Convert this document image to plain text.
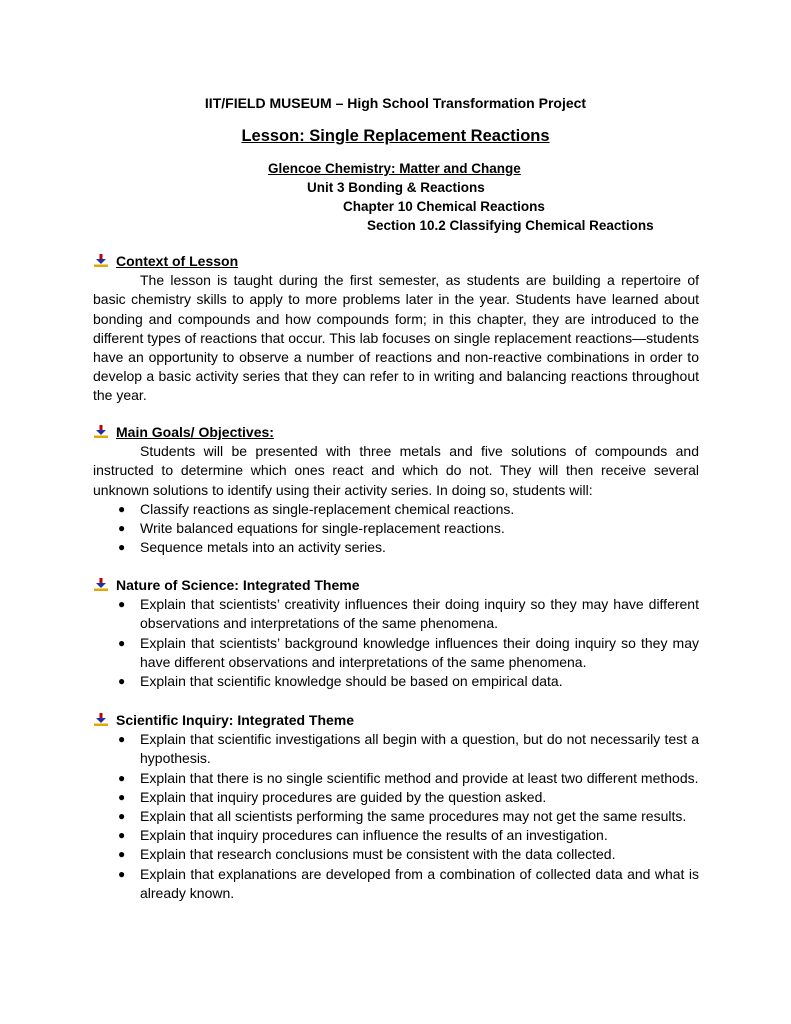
IIT/FIELD MUSEUM – High School Transformation Project
Lesson: Single Replacement Reactions
Glencoe Chemistry: Matter and Change
Unit 3 Bonding & Reactions
Chapter 10 Chemical Reactions
Section 10.2 Classifying Chemical Reactions
Context of Lesson

The lesson is taught during the first semester, as students are building a repertoire of basic chemistry skills to apply to more problems later in the year. Students have learned about bonding and compounds and how compounds form; in this chapter, they are introduced to the different types of reactions that occur. This lab focuses on single replacement reactions—students have an opportunity to observe a number of reactions and non-reactive combinations in order to develop a basic activity series that they can refer to in writing and balancing reactions throughout the year.

Main Goals/ Objectives:

Students will be presented with three metals and five solutions of compounds and instructed to determine which ones react and which do not. They will then receive several unknown solutions to identify using their activity series. In doing so, students will:

● Classify reactions as single-replacement chemical reactions.
● Write balanced equations for single-replacement reactions.
● Sequence metals into an activity series.
Nature of Science: Integrated Theme
● Explain that scientists’ creativity influences their doing inquiry so they may have different observations and interpretations of the same phenomena.
● Explain that scientists’ background knowledge influences their doing inquiry so they may have different observations and interpretations of the same phenomena.
● Explain that scientific knowledge should be based on empirical data.
Scientific Inquiry: Integrated Theme
● Explain that scientific investigations all begin with a question, but do not necessarily test a hypothesis.
● Explain that there is no single scientific method and provide at least two different methods.
● Explain that inquiry procedures are guided by the question asked.
● Explain that all scientists performing the same procedures may not get the same results.
● Explain that inquiry procedures can influence the results of an investigation.
● Explain that research conclusions must be consistent with the data collected.
● Explain that explanations are developed from a combination of collected data and what is already known.
